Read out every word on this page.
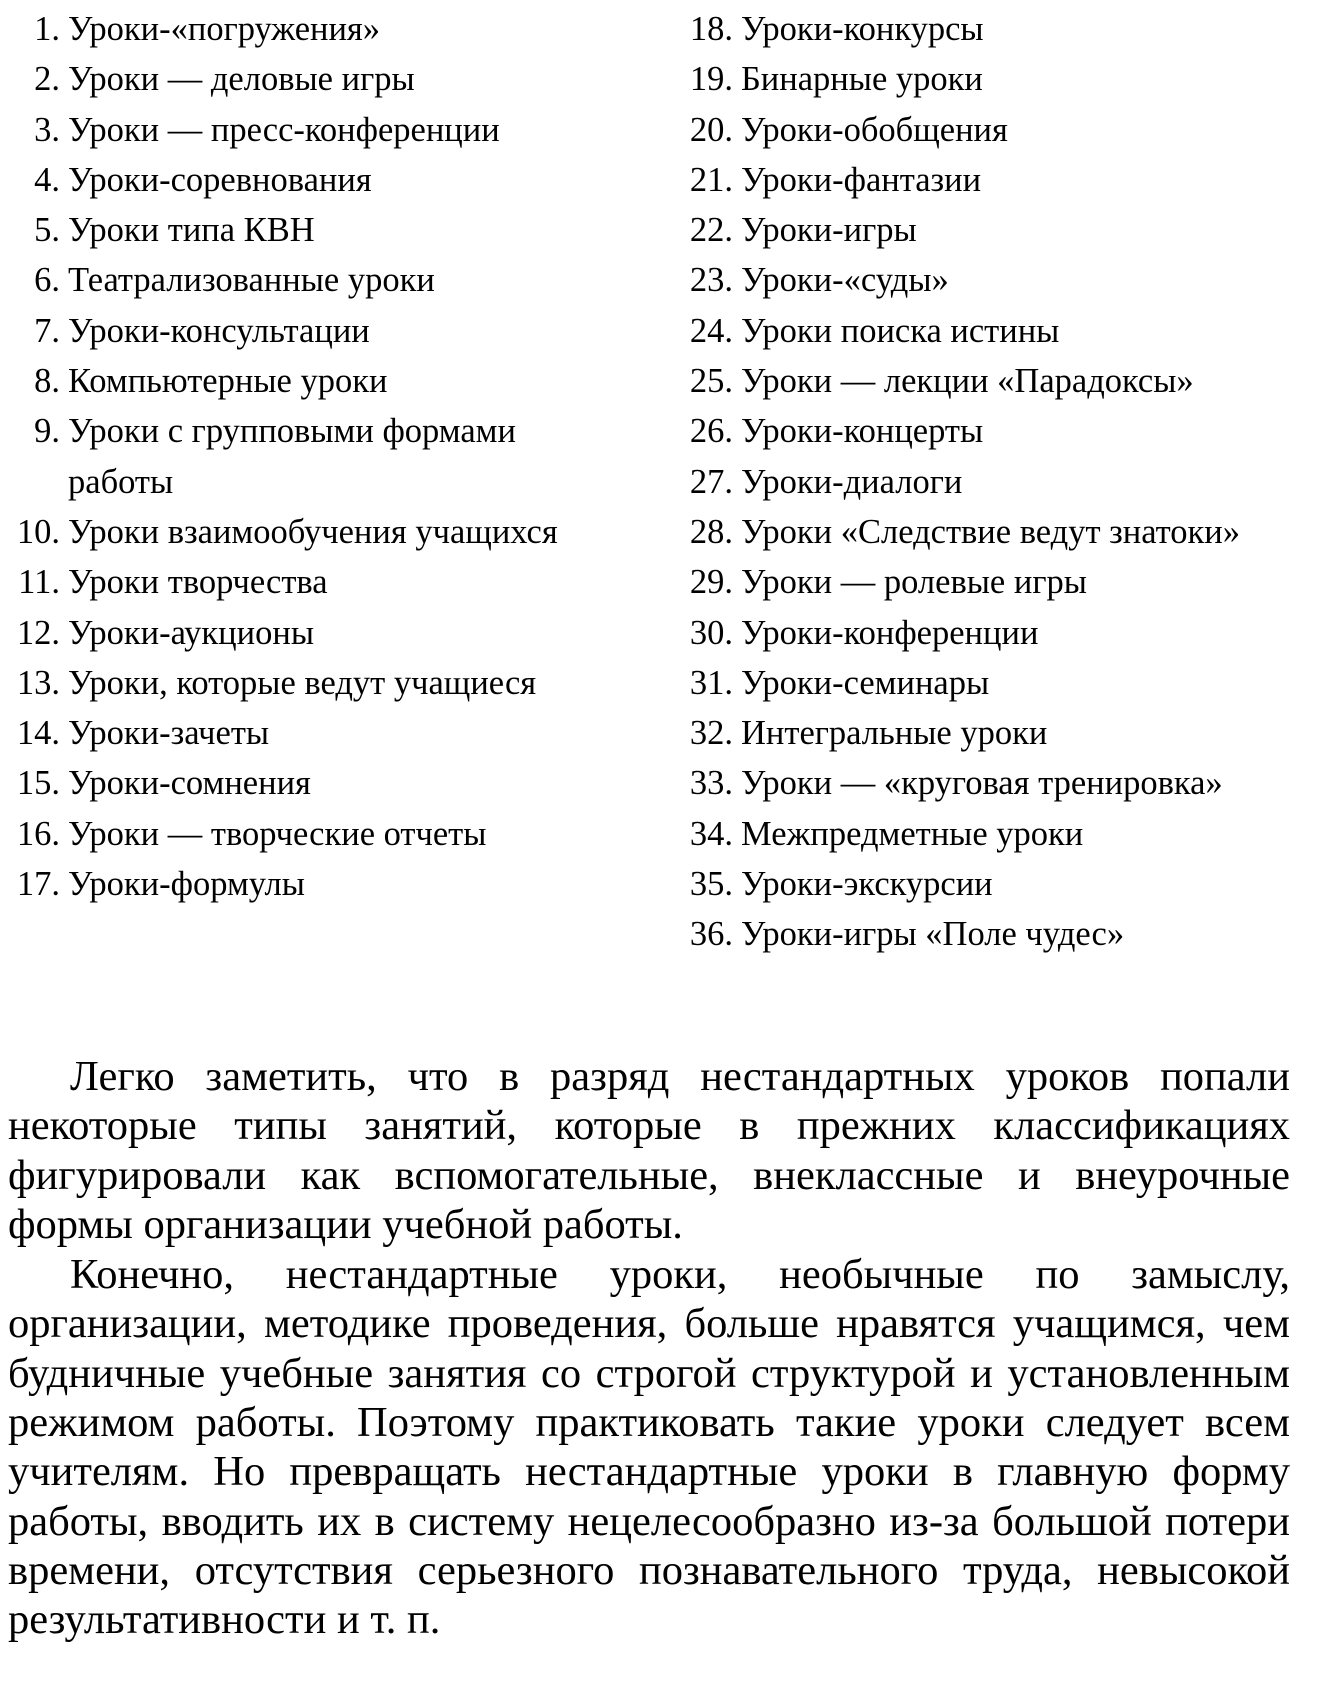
1. Уроки-«погружения»
2. Уроки — деловые игры
3. Уроки — пресс-конференции
4. Уроки-соревнования
5. Уроки типа КВН
6. Театрализованные уроки
7. Уроки-консультации
8. Компьютерные уроки
9. Уроки с групповыми формами работы
10. Уроки взаимообучения учащихся
11. Уроки творчества
12. Уроки-аукционы
13. Уроки, которые ведут учащиеся
14. Уроки-зачеты
15. Уроки-сомнения
16. Уроки — творческие отчеты
17. Уроки-формулы
18. Уроки-конкурсы
19. Бинарные уроки
20. Уроки-обобщения
21. Уроки-фантазии
22. Уроки-игры
23. Уроки-«суды»
24. Уроки поиска истины
25. Уроки — лекции «Парадоксы»
26. Уроки-концерты
27. Уроки-диалоги
28. Уроки «Следствие ведут знатоки»
29. Уроки — ролевые игры
30. Уроки-конференции
31. Уроки-семинары
32. Интегральные уроки
33. Уроки — «круговая тренировка»
34. Межпредметные уроки
35. Уроки-экскурсии
36. Уроки-игры «Поле чудес»

Легко заметить, что в разряд нестандартных уроков попали некоторые типы занятий, которые в прежних классификациях фигурировали как вспомогательные, внеклассные и внеурочные формы организации учебной работы.

Конечно, нестандартные уроки, необычные по замыслу, организации, методике проведения, больше нравятся учащимся, чем будничные учебные занятия со строгой структурой и установленным режимом работы. Поэтому практиковать такие уроки следует всем учителям. Но превращать нестандартные уроки в главную форму работы, вводить их в систему нецелесообразно из-за большой потери времени, отсутствия серьезного познавательного труда, невысокой результативности и т. п.
